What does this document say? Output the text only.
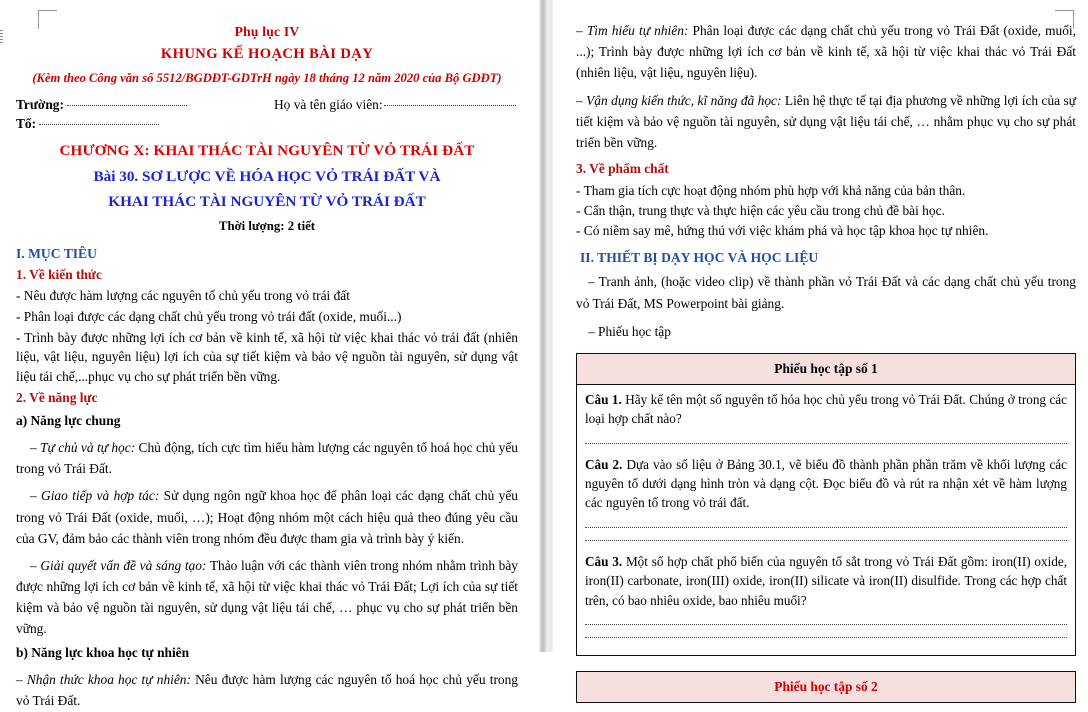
Phụ lục IV
KHUNG KẾ HOẠCH BÀI DẠY
(Kèm theo Công văn số 5512/BGDĐT-GDTrH ngày 18 tháng 12 năm 2020 của Bộ GDĐT)
Trường:	Họ và tên giáo viên:
Tổ:
CHƯƠNG X: KHAI THÁC TÀI NGUYÊN TỪ VỎ TRÁI ĐẤT
Bài 30. SƠ LƯỢC VỀ HÓA HỌC VỎ TRÁI ĐẤT VÀ
KHAI THÁC TÀI NGUYÊN TỪ VỎ TRÁI ĐẤT
Thời lượng: 2 tiết
I. MỤC TIÊU
1. Về kiến thức

- Nêu được hàm lượng các nguyên tố chủ yếu trong vỏ trái đất

- Phân loại được các dạng chất chủ yếu trong vỏ trái đất (oxide, muối...)

- Trình bày được những lợi ích cơ bản về kinh tế, xã hội từ việc khai thác vỏ trái đất (nhiên liệu, vật liệu, nguyên liệu) lợi ích của sự tiết kiệm và bảo vệ nguồn tài nguyên, sử dụng vật liệu tái chế,...phục vụ cho sự phát triển bền vững.

2. Về năng lực
a) Năng lực chung

– Tự chủ và tự học: Chủ động, tích cực tìm hiểu hàm lượng các nguyên tố hoá học chủ yếu trong vỏ Trái Đất.

– Giao tiếp và hợp tác: Sử dụng ngôn ngữ khoa học để phân loại các dạng chất chủ yếu trong vỏ Trái Đất (oxide, muối, …); Hoạt động nhóm một cách hiệu quả theo đúng yêu cầu của GV, đảm bảo các thành viên trong nhóm đều được tham gia và trình bày ý kiến.

– Giải quyết vấn đề và sáng tạo: Thảo luận với các thành viên trong nhóm nhằm trình bày được những lợi ích cơ bản về kinh tế, xã hội từ việc khai thác vỏ Trái Đất; Lợi ích của sự tiết kiệm và bảo vệ nguồn tài nguyên, sử dụng vật liệu tái chế, … phục vụ cho sự phát triển bền vững.

b) Năng lực khoa học tự nhiên

– Nhận thức khoa học tự nhiên: Nêu được hàm lượng các nguyên tố hoá học chủ yếu trong vỏ Trái Đất.

– Tìm hiểu tự nhiên: Phân loại được các dạng chất chủ yếu trong vỏ Trái Đất (oxide, muối, ...); Trình bày được những lợi ích cơ bản về kinh tế, xã hội từ việc khai thác vỏ Trái Đất (nhiên liệu, vật liệu, nguyên liệu).

– Vận dụng kiến thức, kĩ năng đã học: Liên hệ thực tế tại địa phương về những lợi ích của sự tiết kiệm và bảo vệ nguồn tài nguyên, sử dụng vật liệu tái chế, … nhằm phục vụ cho sự phát triển bền vững.

3. Về phẩm chất

- Tham gia tích cực hoạt động nhóm phù hợp với khả năng của bản thân.

- Cẩn thận, trung thực và thực hiện các yêu cầu trong chủ đề bài học.

- Có niềm say mê, hứng thú với việc khám phá và học tập khoa học tự nhiên.

II. THIẾT BỊ DẠY HỌC VÀ HỌC LIỆU

– Tranh ảnh, (hoặc video clip) về thành phần vỏ Trái Đất và các dạng chất chủ yếu trong vỏ Trái Đất, MS Powerpoint bài giảng.

– Phiếu học tập

Phiếu học tập số 1

Câu 1. Hãy kể tên một số nguyên tố hóa học chủ yếu trong vỏ Trái Đất. Chúng ở trong các loại hợp chất nào?

Câu 2. Dựa vào số liệu ở Bảng 30.1, vẽ biểu đồ thành phần phần trăm về khối lượng các nguyên tố dưới dạng hình tròn và dạng cột. Đọc biểu đồ và rút ra nhận xét về hàm lượng các nguyên tố trong vỏ trái đất.

Câu 3. Một số hợp chất phổ biến của nguyên tố sắt trong vỏ Trái Đất gồm: iron(II) oxide, iron(II) carbonate, iron(III) oxide, iron(II) silicate và iron(II) disulfide. Trong các hợp chất trên, có bao nhiêu oxide, bao nhiêu muối?

Phiếu học tập số 2
